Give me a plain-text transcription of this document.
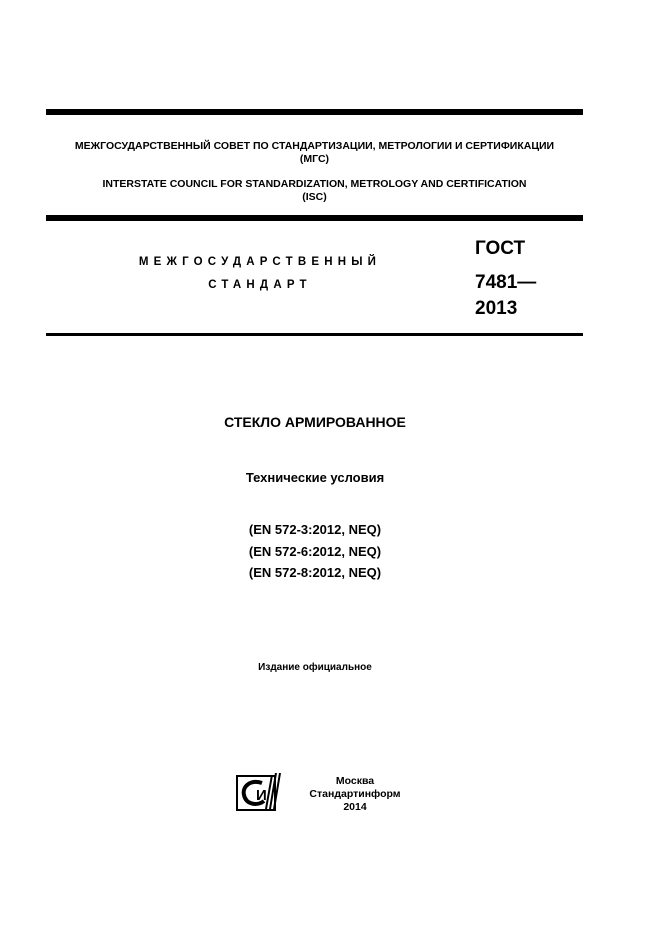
МЕЖГОСУДАРСТВЕННЫЙ СОВЕТ ПО СТАНДАРТИЗАЦИИ, МЕТРОЛОГИИ И СЕРТИФИКАЦИИ
(МГС)
INTERSTATE COUNCIL FOR STANDARDIZATION, METROLOGY AND CERTIFICATION
(ISC)
МЕЖГОСУДАРСТВЕННЫЙ
СТАНДАРТ
ГОСТ
7481—
2013
СТЕКЛО АРМИРОВАННОЕ
Технические условия
(EN 572-3:2012, NEQ)
(EN 572-6:2012, NEQ)
(EN 572-8:2012, NEQ)
Издание официальное
И
Москва
Стандартинформ
2014
